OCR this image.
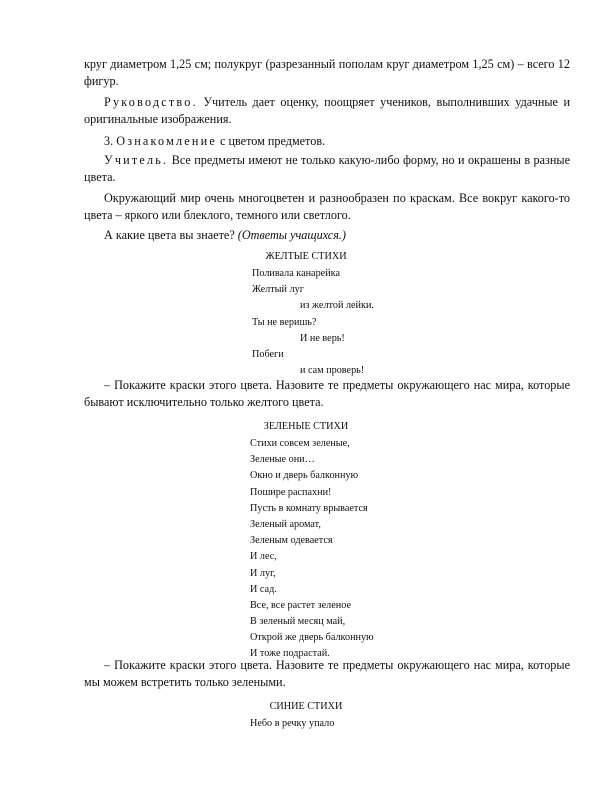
круг диаметром 1,25 см; полукруг (разрезанный пополам круг диаметром 1,25 см) – всего 12 фигур.

Руководство. Учитель дает оценку, поощряет учеников, выполнивших удачные и оригинальные изображения.

3. Ознакомление с цветом предметов.

Учитель. Все предметы имеют не только какую-либо форму, но и окрашены в разные цвета.

Окружающий мир очень многоцветен и разнообразен по краскам. Все вокруг какого-то цвета – яркого или блеклого, темного или светлого.

А какие цвета вы знаете? (Ответы учащихся.)

ЖЕЛТЫЕ СТИХИ

Поливала канарейка
Желтый луг
из желтой лейки.
Ты не веришь?
И не верь!
Побеги
и сам проверь!

– Покажите краски этого цвета. Назовите те предметы окружающего нас мира, которые бывают исключительно только желтого цвета.

ЗЕЛЕНЫЕ СТИХИ

Стихи совсем зеленые,
Зеленые они…
Окно и дверь балконную
Пошире распахни!
Пусть в комнату врывается
Зеленый аромат,
Зеленым одевается
И лес,
И луг,
И сад.
Все, все растет зеленое
В зеленый месяц май,
Открой же дверь балконную
И тоже подрастай.

– Покажите краски этого цвета. Назовите те предметы окружающего нас мира, которые мы можем встретить только зелеными.

СИНИЕ СТИХИ

Небо в речку упало
